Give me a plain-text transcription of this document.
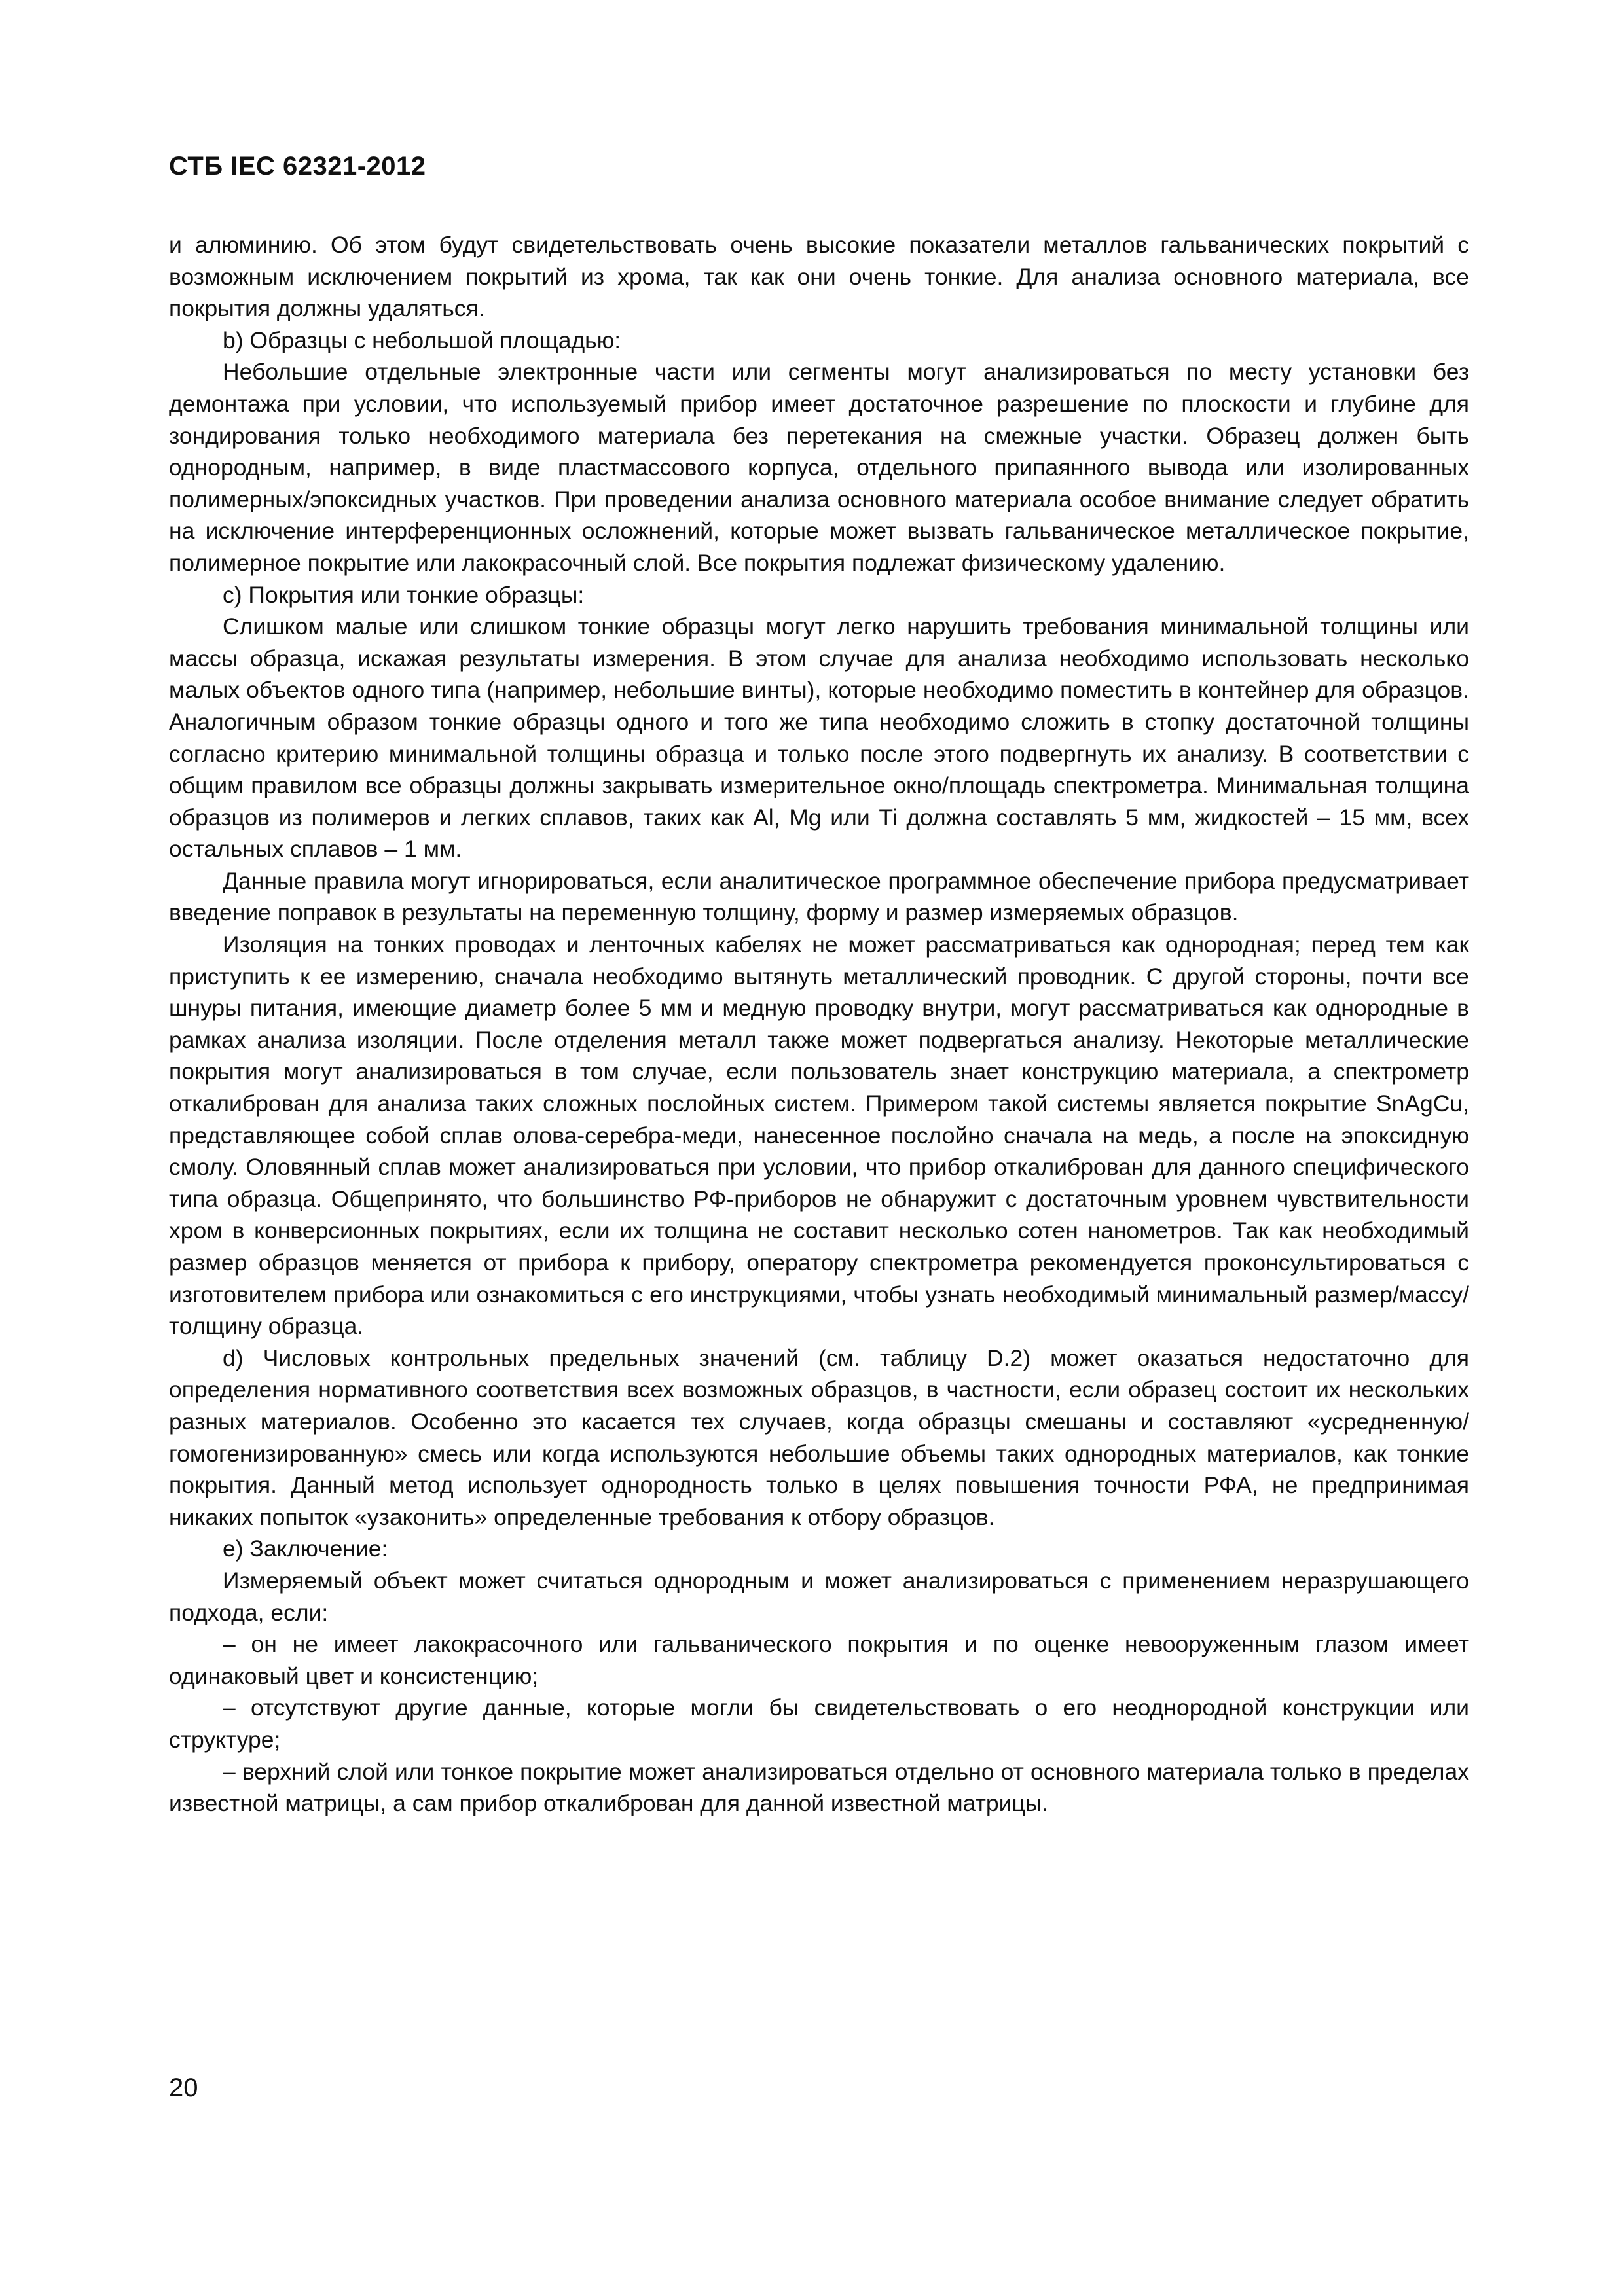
СТБ IEC 62321-2012

и алюминию. Об этом будут свидетельствовать очень высокие показатели металлов гальванических покрытий с возможным исключением покрытий из хрома, так как они очень тонкие. Для анализа основного материала, все покрытия должны удаляться.

b) Образцы с небольшой площадью:

Небольшие отдельные электронные части или сегменты могут анализироваться по месту установки без демонтажа при условии, что используемый прибор имеет достаточное разрешение по плоскости и глубине для зондирования только необходимого материала без перетекания на смежные участки. Образец должен быть однородным, например, в виде пластмассового корпуса, отдельного припаянного вывода или изолированных полимерных/эпоксидных участков. При проведении анализа основного материала особое внимание следует обратить на исключение интерференционных осложнений, которые может вызвать гальваническое металлическое покрытие, полимерное покрытие или лакокрасочный слой. Все покрытия подлежат физическому удалению.

c) Покрытия или тонкие образцы:

Слишком малые или слишком тонкие образцы могут легко нарушить требования минимальной толщины или массы образца, искажая результаты измерения. В этом случае для анализа необходимо использовать несколько малых объектов одного типа (например, небольшие винты), которые необходимо поместить в контейнер для образцов. Аналогичным образом тонкие образцы одного и того же типа необходимо сложить в стопку достаточной толщины согласно критерию минимальной толщины образца и только после этого подвергнуть их анализу. В соответствии с общим правилом все образцы должны закрывать измерительное окно/площадь спектрометра. Минимальная толщина образцов из полимеров и легких сплавов, таких как Al, Mg или Ti должна составлять 5 мм, жидкостей – 15 мм, всех остальных сплавов – 1 мм.

Данные правила могут игнорироваться, если аналитическое программное обеспечение прибора предусматривает введение поправок в результаты на переменную толщину, форму и размер измеряемых образцов.

Изоляция на тонких проводах и ленточных кабелях не может рассматриваться как однородная; перед тем как приступить к ее измерению, сначала необходимо вытянуть металлический проводник. С другой стороны, почти все шнуры питания, имеющие диаметр более 5 мм и медную проводку внутри, могут рассматриваться как однородные в рамках анализа изоляции. После отделения металл также может подвергаться анализу. Некоторые металлические покрытия могут анализироваться в том случае, если пользователь знает конструкцию материала, а спектрометр откалиброван для анализа таких сложных послойных систем. Примером такой системы является покрытие SnAgCu, представляющее собой сплав олова-серебра-меди, нанесенное послойно сначала на медь, а после на эпоксидную смолу. Оловянный сплав может анализироваться при условии, что прибор откалиброван для данного специфического типа образца. Общепринято, что большинство РФ-приборов не обнаружит с достаточным уровнем чувствительности хром в конверсионных покрытиях, если их толщина не составит несколько сотен нанометров. Так как необходимый размер образцов меняется от прибора к прибору, оператору спектрометра рекомендуется проконсультироваться с изготовителем прибора или ознакомиться с его инструкциями, чтобы узнать необходимый минимальный размер/массу/толщину образца.

d) Числовых контрольных предельных значений (см. таблицу D.2) может оказаться недостаточно для определения нормативного соответствия всех возможных образцов, в частности, если образец состоит их нескольких разных материалов. Особенно это касается тех случаев, когда образцы смешаны и составляют «усредненную/гомогенизированную» смесь или когда используются небольшие объемы таких однородных материалов, как тонкие покрытия. Данный метод использует однородность только в целях повышения точности РФА, не предпринимая никаких попыток «узаконить» определенные требования к отбору образцов.

e) Заключение:

Измеряемый объект может считаться однородным и может анализироваться с применением неразрушающего подхода, если:

– он не имеет лакокрасочного или гальванического покрытия и по оценке невооруженным глазом имеет одинаковый цвет и консистенцию;

– отсутствуют другие данные, которые могли бы свидетельствовать о его неоднородной конструкции или структуре;

– верхний слой или тонкое покрытие может анализироваться отдельно от основного материала только в пределах известной матрицы, а сам прибор откалиброван для данной известной матрицы.

20
